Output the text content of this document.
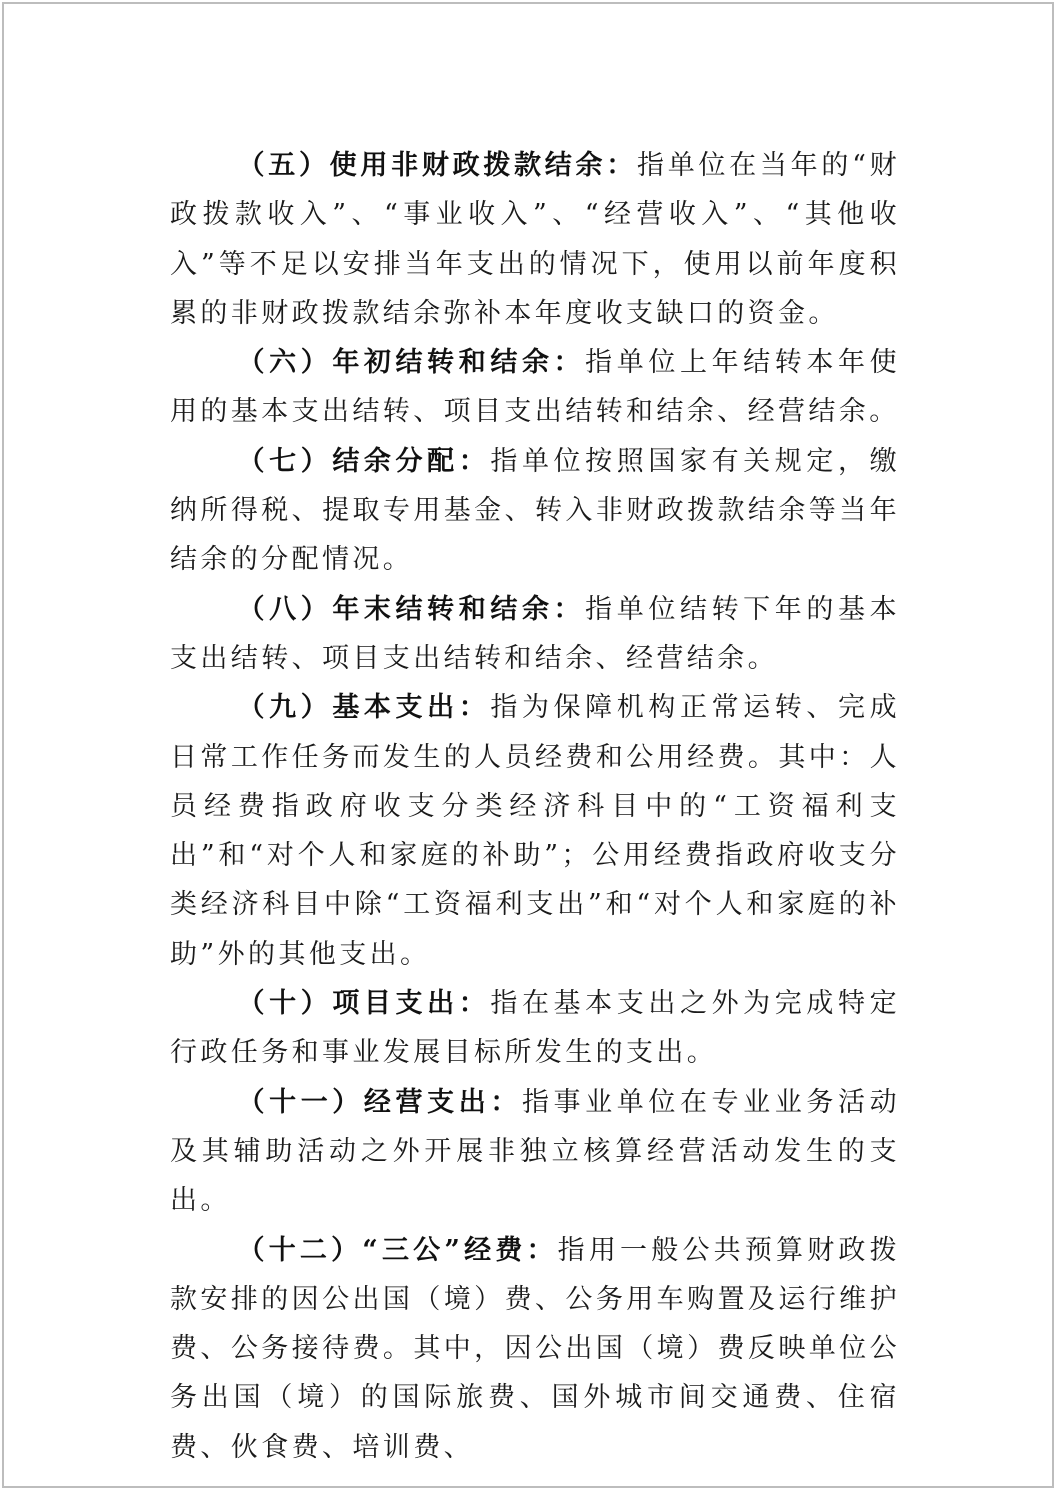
（五）使用非财政拨款结余：指单位在当年的“财政拨款收入”、“事业收入”、“经营收入”、“其他收入”等不足以安排当年支出的情况下，使用以前年度积累的非财政拨款结余弥补本年度收支缺口的资金。

（六）年初结转和结余：指单位上年结转本年使用的基本支出结转、项目支出结转和结余、经营结余。

（七）结余分配：指单位按照国家有关规定，缴纳所得税、提取专用基金、转入非财政拨款结余等当年结余的分配情况。

（八）年末结转和结余：指单位结转下年的基本支出结转、项目支出结转和结余、经营结余。

（九）基本支出：指为保障机构正常运转、完成日常工作任务而发生的人员经费和公用经费。其中：人员经费指政府收支分类经济科目中的“工资福利支出”和“对个人和家庭的补助”；公用经费指政府收支分类经济科目中除“工资福利支出”和“对个人和家庭的补助”外的其他支出。

（十）项目支出：指在基本支出之外为完成特定行政任务和事业发展目标所发生的支出。

（十一）经营支出：指事业单位在专业业务活动及其辅助活动之外开展非独立核算经营活动发生的支出。

（十二）“三公”经费：指用一般公共预算财政拨款安排的因公出国（境）费、公务用车购置及运行维护费、公务接待费。其中，因公出国（境）费反映单位公务出国（境）的国际旅费、国外城市间交通费、住宿费、伙食费、培训费、
